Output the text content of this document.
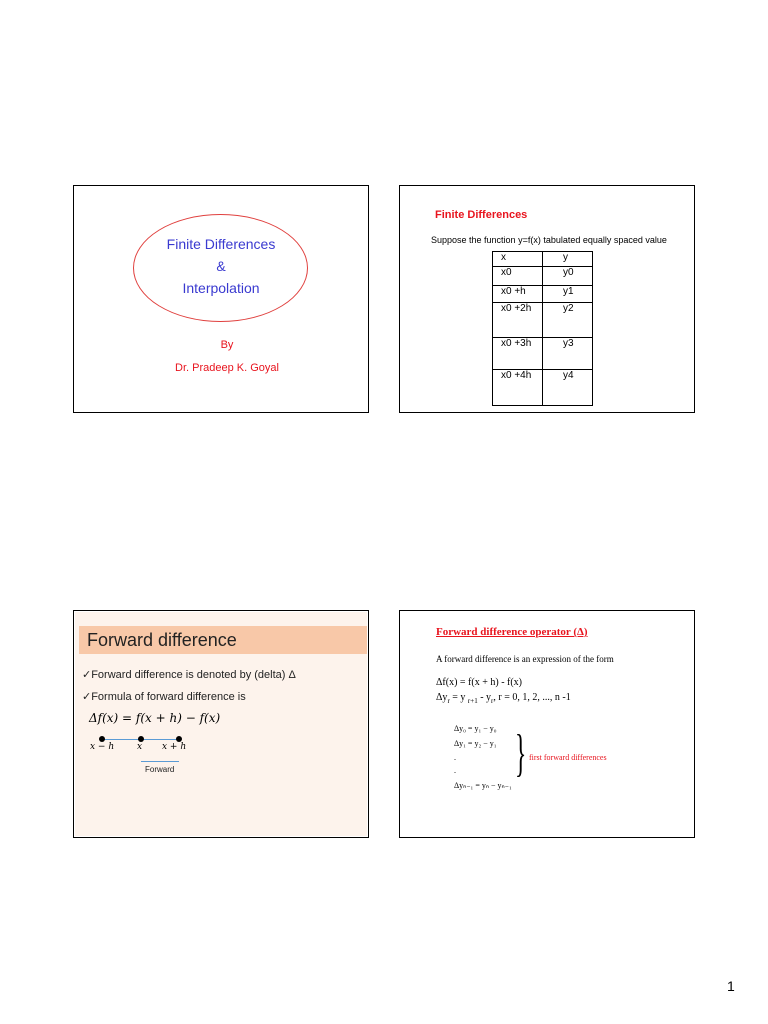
Finite Differences
&
Interpolation
By
Dr. Pradeep K. Goyal
Finite Differences
Suppose the function y=f(x) tabulated equally spaced value
x	y
x0	y0
x0 +h	y1
x0 +2h	y2
x0 +3h	y3
x0 +4h	y4
Forward difference
✓Forward difference is denoted by (delta) Δ
✓Formula of forward difference is
Δf(x) = f(x + h) − f(x)
x − h	x x + h
Forward
Forward difference operator (Δ)
A forward difference is an expression of the form
Δf(x) = f(x + h) - f(x)
$\Delta y_r = y$ $_{r+1} - y_r$, r = 0, 1, 2, ..., n -1
Δy₀ = y₁ − y₀
Δy₁ = y₂ − y₁
.
.
Δyₙ₋₁ = yₙ − yₙ₋₁
} first forward differences
1
